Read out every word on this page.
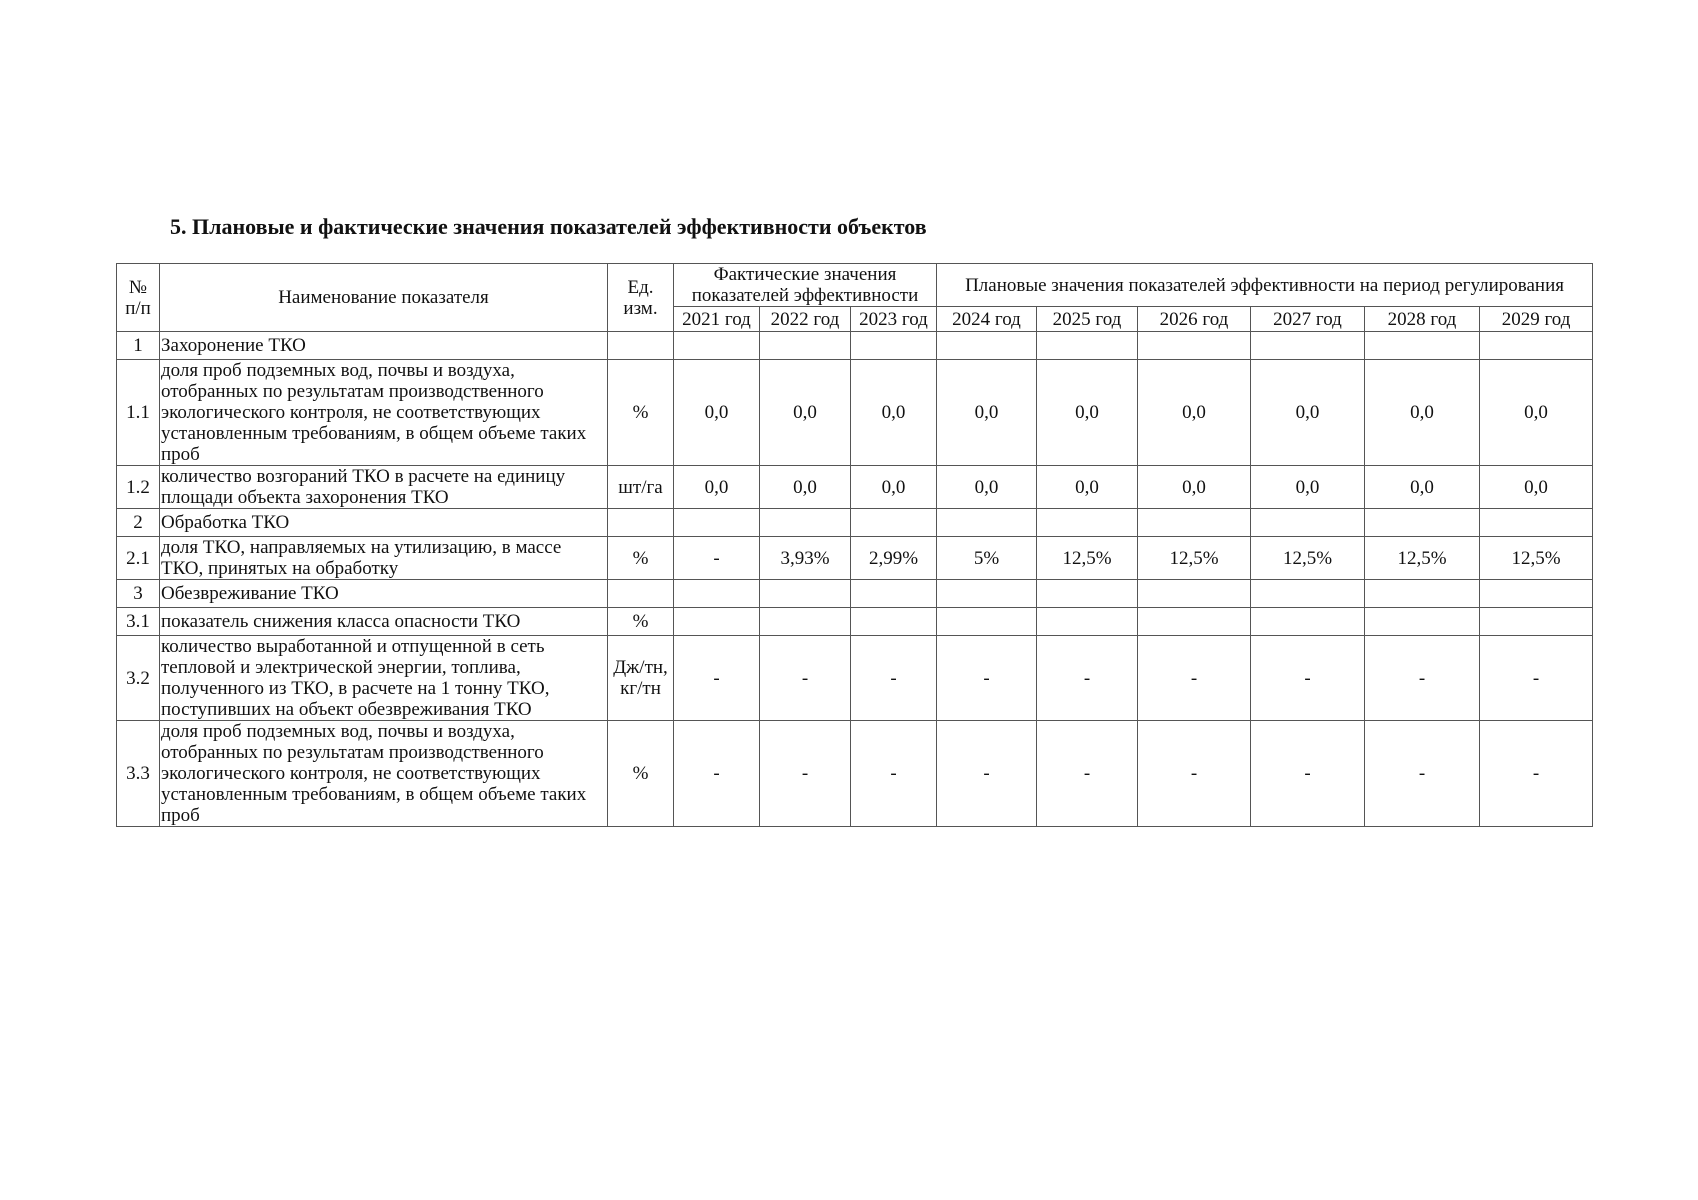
5. Плановые и фактические значения показателей эффективности объектов
№ п/п	Наименование показателя	Ед. изм.	Фактические значения показателей эффективности			Плановые значения показателей эффективности на период регулирования					
			2021 год	2022 год	2023 год	2024 год	2025 год	2026 год	2027 год	2028 год	2029 год
1	Захоронение ТКО										
1.1	доля проб подземных вод, почвы и воздуха, отобранных по результатам производственного экологического контроля, не соответствующих установленным требованиям, в общем объеме таких проб	%	0,0	0,0	0,0	0,0	0,0	0,0	0,0	0,0	0,0
1.2	количество возгораний ТКО в расчете на единицу площади объекта захоронения ТКО	шт/га	0,0	0,0	0,0	0,0	0,0	0,0	0,0	0,0	0,0
2	Обработка ТКО										
2.1	доля ТКО, направляемых на утилизацию, в массе ТКО, принятых на обработку	%	-	3,93%	2,99%	5%	12,5%	12,5%	12,5%	12,5%	12,5%
3	Обезвреживание ТКО										
3.1	показатель снижения класса опасности ТКО	%									
3.2	количество выработанной и отпущенной в сеть тепловой и электрической энергии, топлива, полученного из ТКО, в расчете на 1 тонну ТКО, поступивших на объект обезвреживания ТКО	Дж/тн, кг/тн	-	-	-	-	-	-	-	-	-
3.3	доля проб подземных вод, почвы и воздуха, отобранных по результатам производственного экологического контроля, не соответствующих установленным требованиям, в общем объеме таких проб	%	-	-	-	-	-	-	-	-	-
